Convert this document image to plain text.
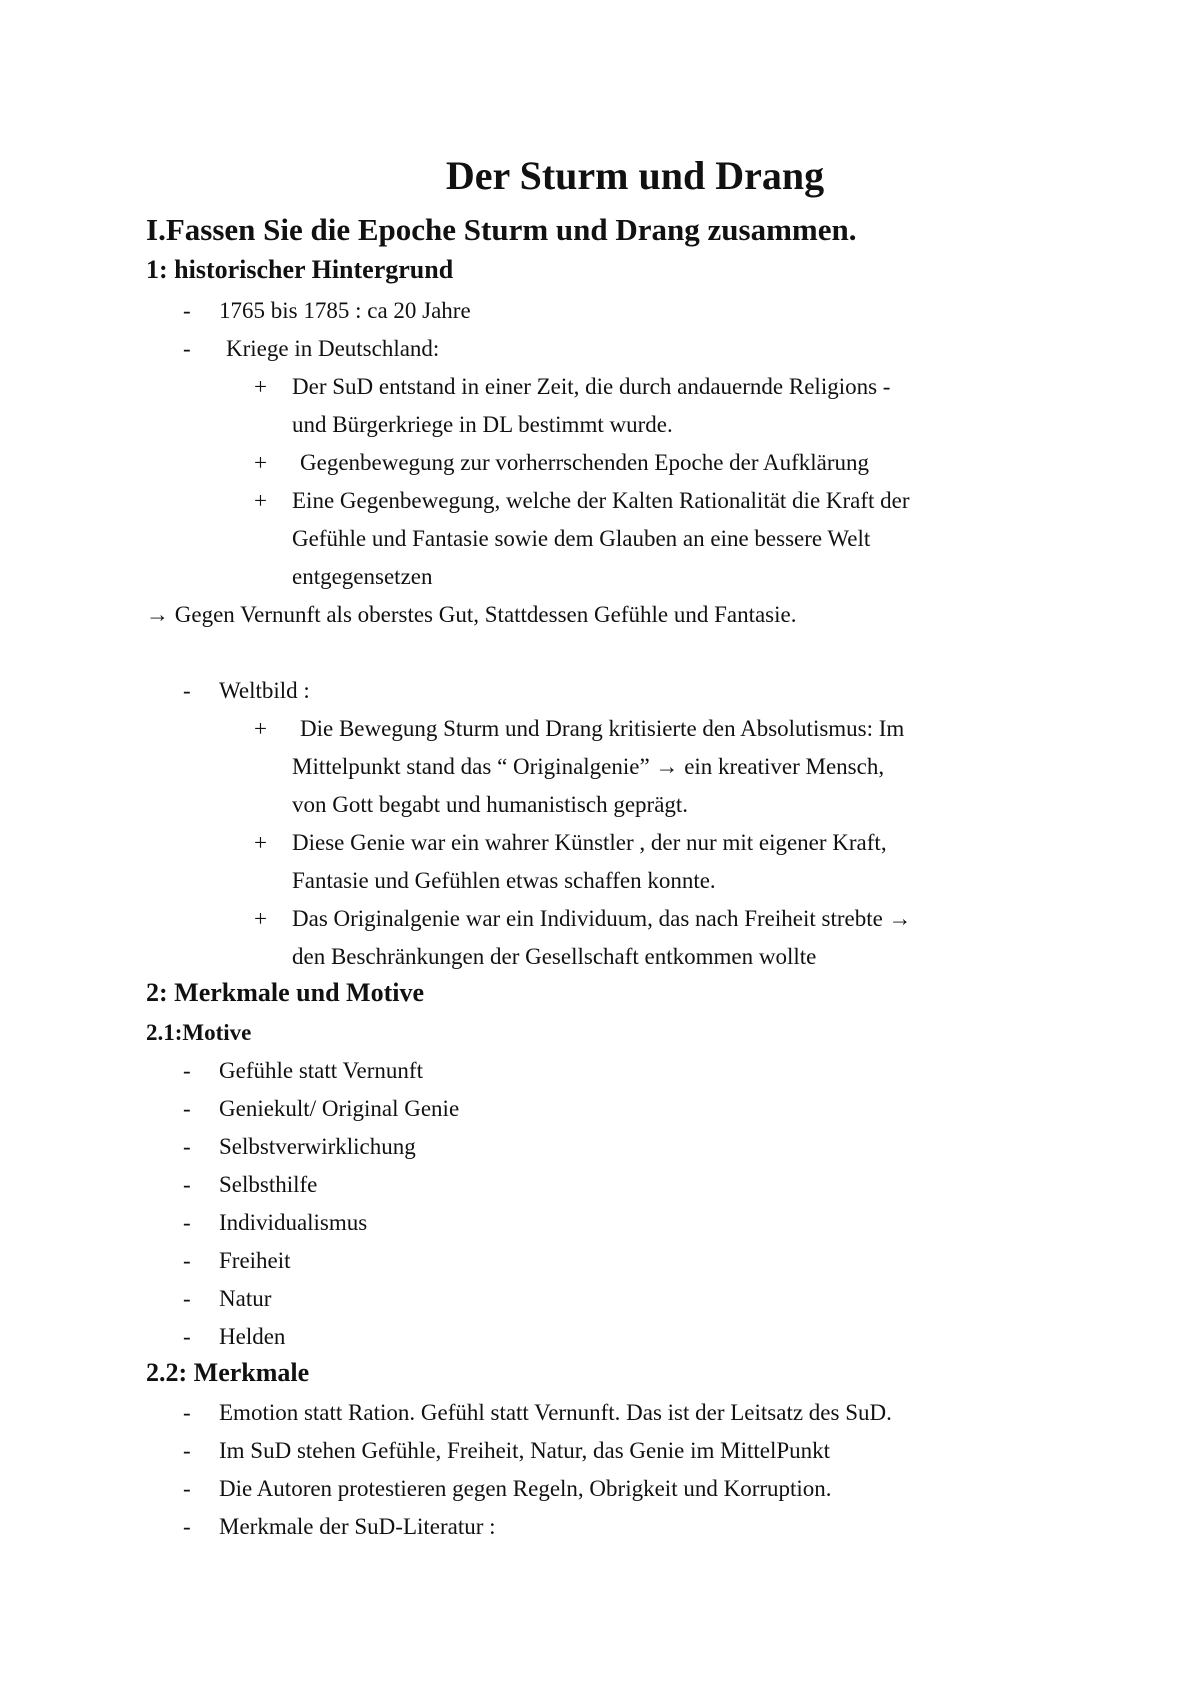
Der Sturm und Drang
I.Fassen Sie die Epoche Sturm und Drang zusammen.
1: historischer Hintergrund
- 1765 bis 1785 : ca 20 Jahre
- Kriege in Deutschland:
+ Der SuD entstand in einer Zeit, die durch andauernde Religions -
und Bürgerkriege in DL bestimmt wurde.
+ Gegenbewegung zur vorherrschenden Epoche der Aufklärung
+ Eine Gegenbewegung, welche der Kalten Rationalität die Kraft der
Gefühle und Fantasie sowie dem Glauben an eine bessere Welt
entgegensetzen
→ Gegen Vernunft als oberstes Gut, Stattdessen Gefühle und Fantasie.
- Weltbild :
+ Die Bewegung Sturm und Drang kritisierte den Absolutismus: Im
Mittelpunkt stand das “ Originalgenie” → ein kreativer Mensch,
von Gott begabt und humanistisch geprägt.
+ Diese Genie war ein wahrer Künstler , der nur mit eigener Kraft,
Fantasie und Gefühlen etwas schaffen konnte.
+ Das Originalgenie war ein Individuum, das nach Freiheit strebte →
den Beschränkungen der Gesellschaft entkommen wollte
2: Merkmale und Motive
2.1:Motive
- Gefühle statt Vernunft
- Geniekult/ Original Genie
- Selbstverwirklichung
- Selbsthilfe
- Individualismus
- Freiheit
- Natur
- Helden
2.2: Merkmale
- Emotion statt Ration. Gefühl statt Vernunft. Das ist der Leitsatz des SuD.
- Im SuD stehen Gefühle, Freiheit, Natur, das Genie im MittelPunkt
- Die Autoren protestieren gegen Regeln, Obrigkeit und Korruption.
- Merkmale der SuD-Literatur :
